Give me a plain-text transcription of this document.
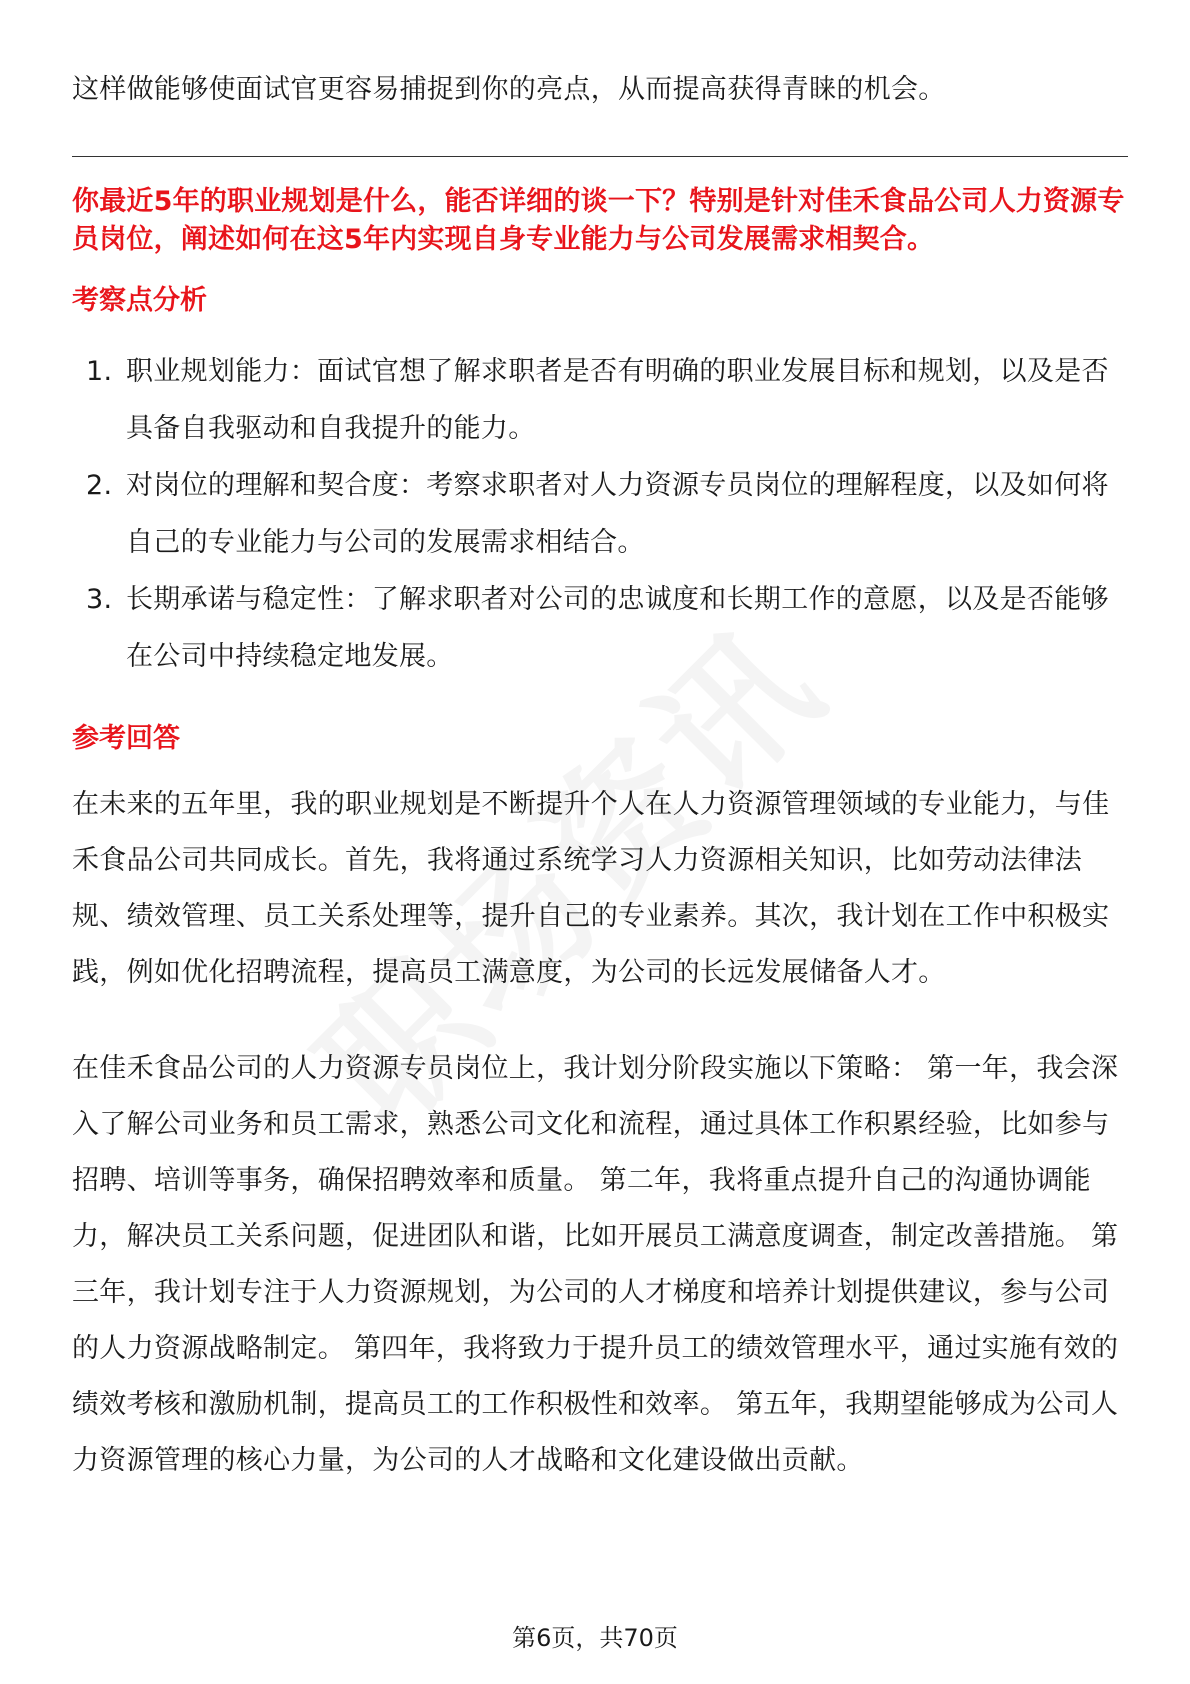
这样做能够使面试官更容易捕捉到你的亮点，从而提高获得青睐的机会。

你最近5年的职业规划是什么，能否详细的谈一下？特别是针对佳禾食品公司人力资源专员岗位，阐述如何在这5年内实现自身专业能力与公司发展需求相契合。

考察点分析
1. 职业规划能力：面试官想了解求职者是否有明确的职业发展目标和规划，以及是否具备自我驱动和自我提升的能力。
2. 对岗位的理解和契合度：考察求职者对人力资源专员岗位的理解程度，以及如何将自己的专业能力与公司的发展需求相结合。
3. 长期承诺与稳定性：了解求职者对公司的忠诚度和长期工作的意愿，以及是否能够在公司中持续稳定地发展。
参考回答

在未来的五年里，我的职业规划是不断提升个人在人力资源管理领域的专业能力，与佳禾食品公司共同成长。首先，我将通过系统学习人力资源相关知识，比如劳动法律法规、绩效管理、员工关系处理等，提升自己的专业素养。其次，我计划在工作中积极实践，例如优化招聘流程，提高员工满意度，为公司的长远发展储备人才。

在佳禾食品公司的人力资源专员岗位上，我计划分阶段实施以下策略： 第一年，我会深入了解公司业务和员工需求，熟悉公司文化和流程，通过具体工作积累经验，比如参与招聘、培训等事务，确保招聘效率和质量。 第二年，我将重点提升自己的沟通协调能力，解决员工关系问题，促进团队和谐，比如开展员工满意度调查，制定改善措施。 第三年，我计划专注于人力资源规划，为公司的人才梯度和培养计划提供建议，参与公司的人力资源战略制定。 第四年，我将致力于提升员工的绩效管理水平，通过实施有效的绩效考核和激励机制，提高员工的工作积极性和效率。 第五年，我期望能够成为公司人力资源管理的核心力量，为公司的人才战略和文化建设做出贡献。

第6页，共70页
